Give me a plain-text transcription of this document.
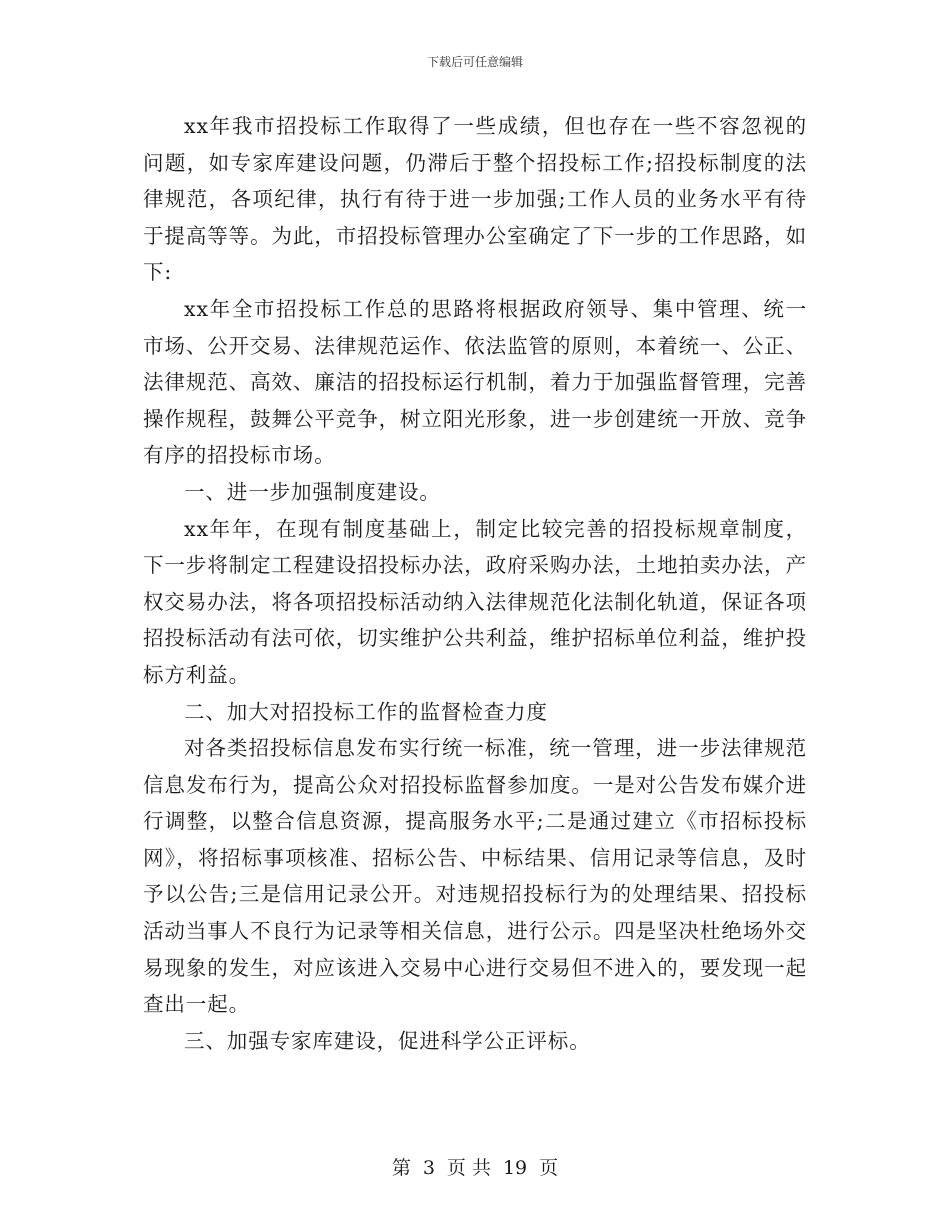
下载后可任意编辑

xx年我市招投标工作取得了一些成绩，但也存在一些不容忽视的问题，如专家库建设问题，仍滞后于整个招投标工作;招投标制度的法律规范，各项纪律，执行有待于进一步加强;工作人员的业务水平有待于提高等等。为此，市招投标管理办公室确定了下一步的工作思路，如下:

xx年全市招投标工作总的思路将根据政府领导、集中管理、统一市场、公开交易、法律规范运作、依法监管的原则，本着统一、公正、法律规范、高效、廉洁的招投标运行机制，着力于加强监督管理，完善操作规程，鼓舞公平竞争，树立阳光形象，进一步创建统一开放、竞争有序的招投标市场。

一、进一步加强制度建设。

xx年年，在现有制度基础上，制定比较完善的招投标规章制度，下一步将制定工程建设招投标办法，政府采购办法，土地拍卖办法，产权交易办法，将各项招投标活动纳入法律规范化法制化轨道，保证各项招投标活动有法可依，切实维护公共利益，维护招标单位利益，维护投标方利益。

二、加大对招投标工作的监督检查力度

对各类招投标信息发布实行统一标准，统一管理，进一步法律规范信息发布行为，提高公众对招投标监督参加度。一是对公告发布媒介进行调整，以整合信息资源，提高服务水平;二是通过建立《市招标投标网》，将招标事项核准、招标公告、中标结果、信用记录等信息，及时予以公告;三是信用记录公开。对违规招投标行为的处理结果、招投标活动当事人不良行为记录等相关信息，进行公示。四是坚决杜绝场外交易现象的发生，对应该进入交易中心进行交易但不进入的，要发现一起查出一起。

三、加强专家库建设，促进科学公正评标。

第 3 页 共 19 页
